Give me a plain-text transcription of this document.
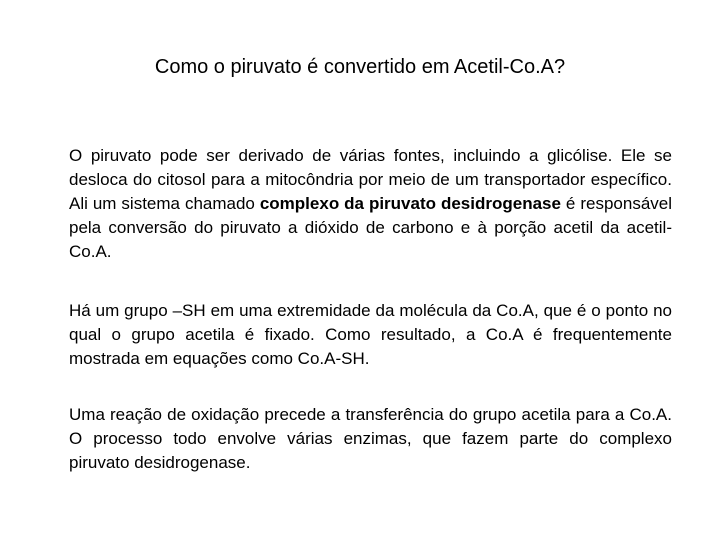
Como o piruvato é convertido em Acetil-Co.A?

O piruvato pode ser derivado de várias fontes, incluindo a glicólise. Ele se desloca do citosol para a mitocôndria por meio de um transportador específico. Ali um sistema chamado complexo da piruvato desidrogenase é responsável pela conversão do piruvato a dióxido de carbono e à porção acetil da acetil-Co.A.

Há um grupo –SH em uma extremidade da molécula da Co.A, que é o ponto no qual o grupo acetila é fixado. Como resultado, a Co.A é frequentemente mostrada em equações como Co.A-SH.

Uma reação de oxidação precede a transferência do grupo acetila para a Co.A. O processo todo envolve várias enzimas, que fazem parte do complexo piruvato desidrogenase.
